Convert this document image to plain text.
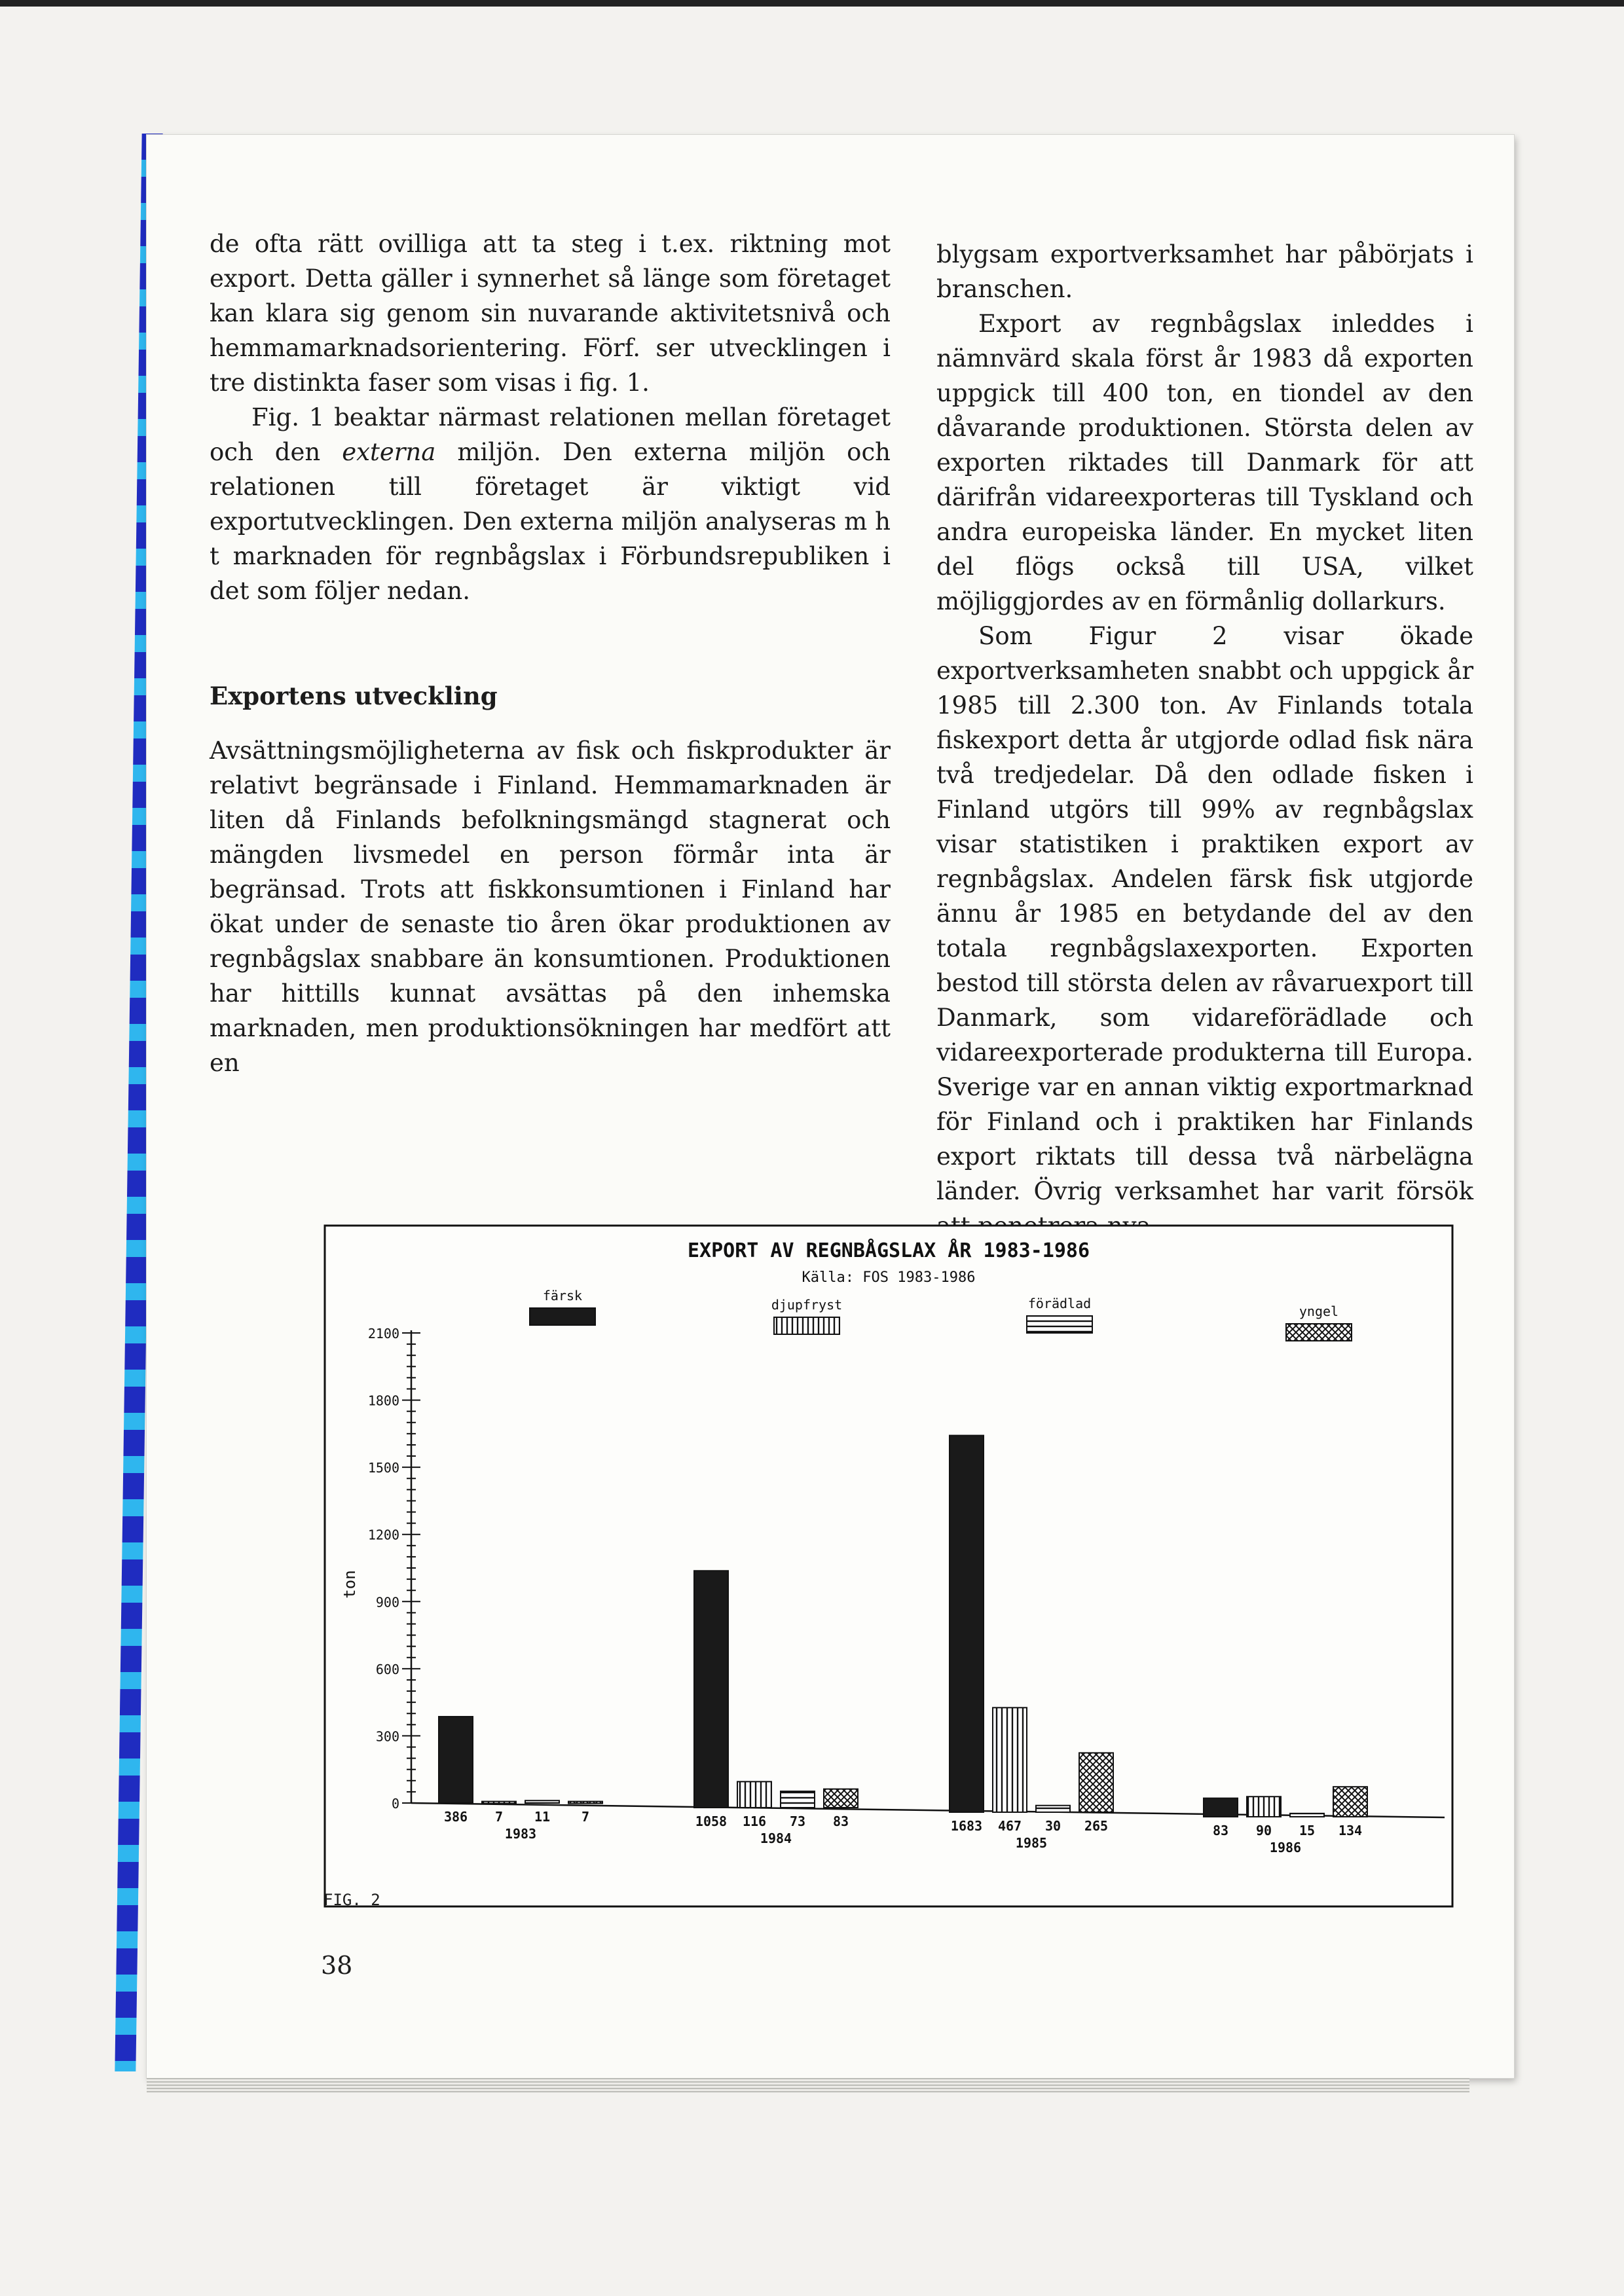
de ofta rätt ovilliga att ta steg i t.ex. riktning mot export. Detta gäller i synnerhet så länge som företaget kan klara sig genom sin nuvarande aktivitetsnivå och hemmamarknadsorientering. Förf. ser utvecklingen i tre distinkta faser som visas i fig. 1.

Fig. 1 beaktar närmast relationen mellan företaget och den externa miljön. Den externa miljön och relationen till företaget är viktigt vid exportutvecklingen. Den externa miljön analyseras m h t marknaden för regnbågslax i Förbundsrepubliken i det som följer nedan.

Exportens utveckling

Avsättningsmöjligheterna av fisk och fiskprodukter är relativt begränsade i Finland. Hemmamarknaden är liten då Finlands befolkningsmängd stagnerat och mängden livsmedel en person förmår inta är begränsad. Trots att fiskkonsumtionen i Finland har ökat under de senaste tio åren ökar produktionen av regnbågslax snabbare än konsumtionen. Produktionen har hittills kunnat avsättas på den inhemska marknaden, men produktionsökningen har medfört att en

blygsam exportverksamhet har påbörjats i branschen.

Export av regnbågslax inleddes i nämnvärd skala först år 1983 då exporten uppgick till 400 ton, en tiondel av den dåvarande produktionen. Största delen av exporten riktades till Danmark för att därifrån vidareexporteras till Tyskland och andra europeiska länder. En mycket liten del flögs också till USA, vilket möjliggjordes av en förmånlig dollarkurs.

Som Figur 2 visar ökade exportverksamheten snabbt och uppgick år 1985 till 2.300 ton. Av Finlands totala fiskexport detta år utgjorde odlad fisk nära två tredjedelar. Då den odlade fisken i Finland utgörs till 99% av regnbågslax visar statistiken i praktiken export av regnbågslax. Andelen färsk fisk utgjorde ännu år 1985 en betydande del av den totala regnbågslaxexporten. Exporten bestod till största delen av råvaruexport till Danmark, som vidareförädlade och vidareexporterade produkterna till Europa. Sverige var en annan viktig exportmarknad för Finland och i praktiken har Finlands export riktats till dessa två närbelägna länder. Övrig verksamhet har varit försök

EXPORT AV REGNBÅGSLAX ÅR 1983-1986
Källa: FOS 1983-1986
ton
0
300
600
900
1200
1500
1800
2100
färsk
djupfryst	förädlad	yngel
386 7 11 7
1983
1058 116 73 83
1984
1683 467 30 265
1985
83 90 15 134
1986
FIG. 2
38
